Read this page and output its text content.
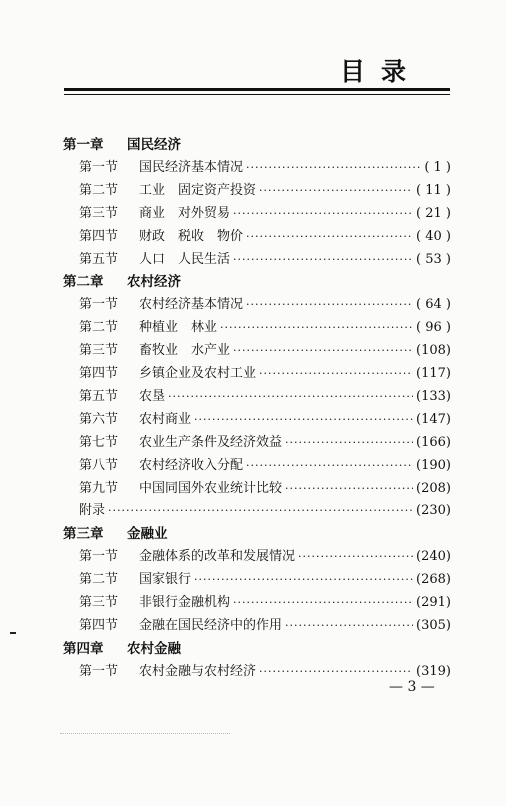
目录
第一章 国民经济
第一节	国民经济基本情况 ·····	( 1 )
第二节	工业　固定资产投资 ·····	( 11 )
第三节	商业　对外贸易 ·····	( 21 )
第四节	财政　税收　物价 ·····	( 40 )
第五节	人口　人民生活 ·····	( 53 )
第二章 农村经济
第一节	农村经济基本情况 ·····	( 64 )
第二节	种植业　林业 ·····	( 96 )
第三节	畜牧业　水产业 ·····	(108)
第四节	乡镇企业及农村工业 ·····	(117)
第五节	农垦 ·····	(133)
第六节	农村商业 ·····	(147)
第七节	农业生产条件及经济效益 ·····	(166)
第八节	农村经济收入分配 ·····	(190)
第九节	中国同国外农业统计比较 ·····	(208)
附录 ·····	(230)
第三章 金融业
第一节	金融体系的改革和发展情况 ·····	(240)
第二节	国家银行 ·····	(268)
第三节	非银行金融机构 ·····	(291)
第四节	金融在国民经济中的作用 ·····	(305)
第四章 农村金融
第一节	农村金融与农村经济 ·····	(319)
— 3 —
